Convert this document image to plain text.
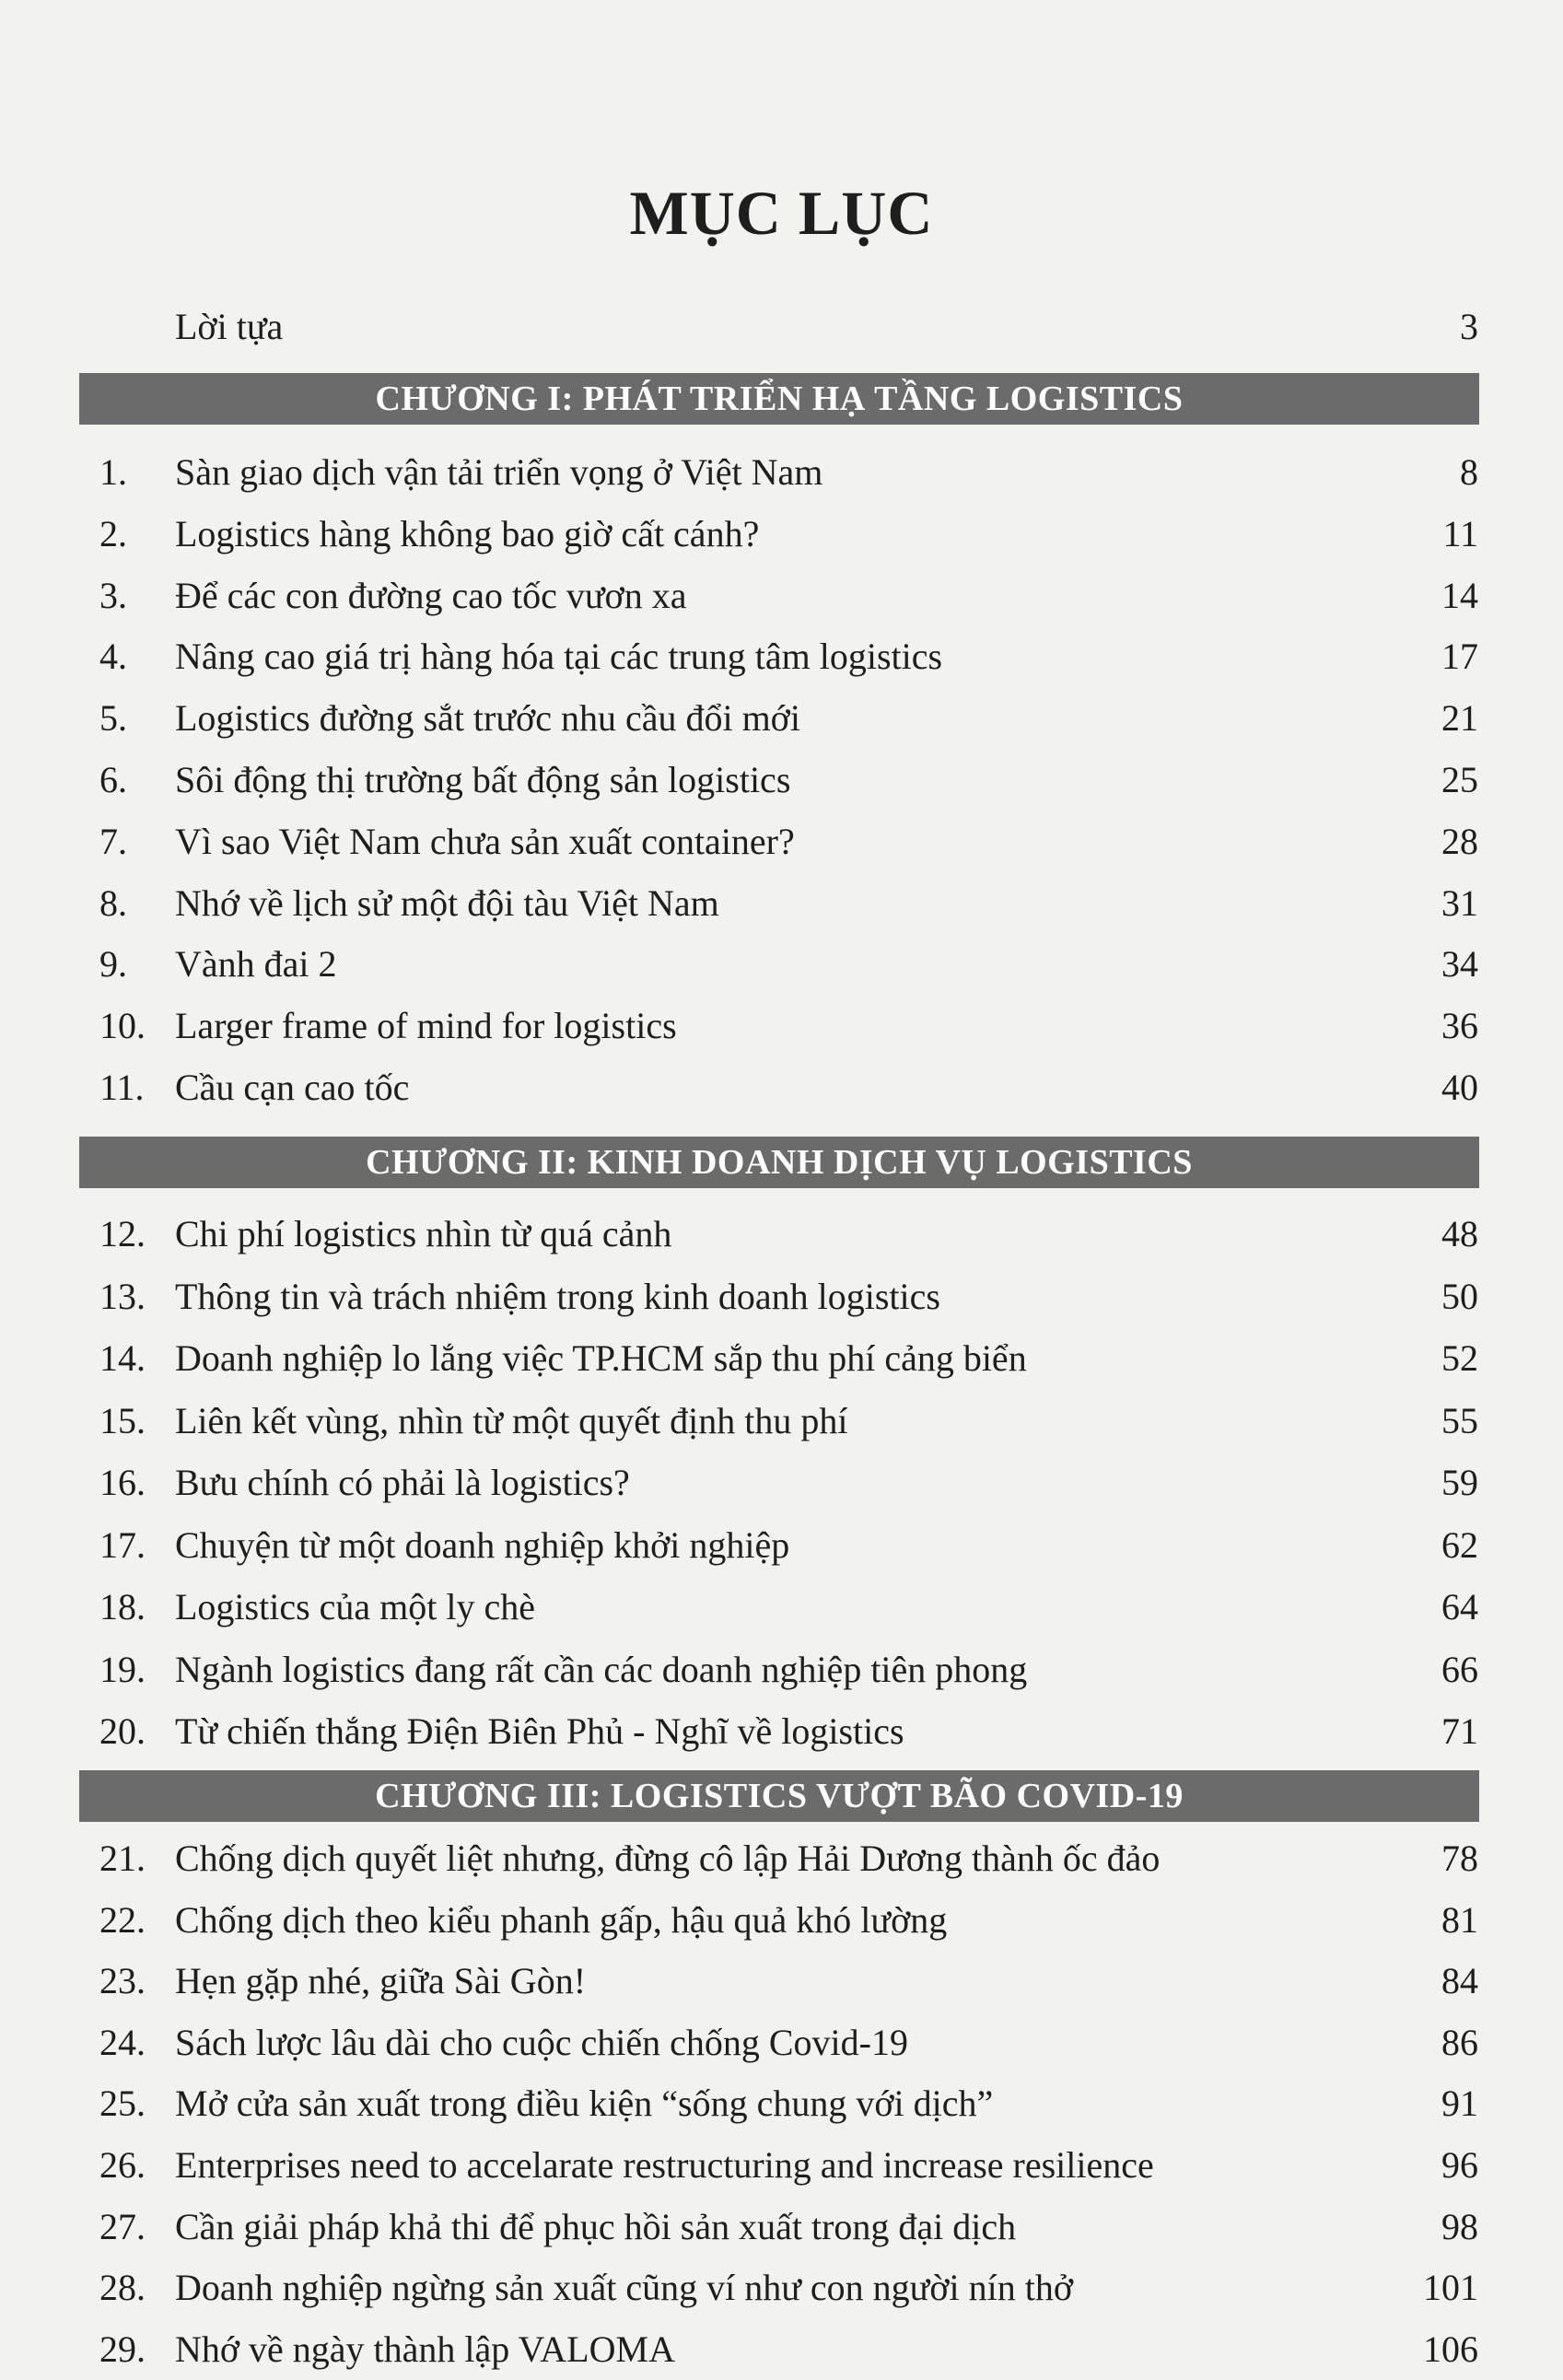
MỤC LỤC
Lời tựa	3
CHƯƠNG I: PHÁT TRIỂN HẠ TẦNG LOGISTICS
1. Sàn giao dịch vận tải triển vọng ở Việt Nam	8
2. Logistics hàng không bao giờ cất cánh?	11
3. Để các con đường cao tốc vươn xa	14
4. Nâng cao giá trị hàng hóa tại các trung tâm logistics	17
5. Logistics đường sắt trước nhu cầu đổi mới	21
6. Sôi động thị trường bất động sản logistics	25
7. Vì sao Việt Nam chưa sản xuất container?	28
8. Nhớ về lịch sử một đội tàu Việt Nam	31
9. Vành đai 2	34
10. Larger frame of mind for logistics	36
11. Cầu cạn cao tốc	40
CHƯƠNG II: KINH DOANH DỊCH VỤ LOGISTICS
12. Chi phí logistics nhìn từ quá cảnh	48
13. Thông tin và trách nhiệm trong kinh doanh logistics	50
14. Doanh nghiệp lo lắng việc TP.HCM sắp thu phí cảng biển	52
15. Liên kết vùng, nhìn từ một quyết định thu phí	55
16. Bưu chính có phải là logistics?	59
17. Chuyện từ một doanh nghiệp khởi nghiệp	62
18. Logistics của một ly chè	64
19. Ngành logistics đang rất cần các doanh nghiệp tiên phong	66
20. Từ chiến thắng Điện Biên Phủ - Nghĩ về logistics	71
CHƯƠNG III: LOGISTICS VƯỢT BÃO COVID-19
21. Chống dịch quyết liệt nhưng, đừng cô lập Hải Dương thành ốc đảo	78
22. Chống dịch theo kiểu phanh gấp, hậu quả khó lường	81
23. Hẹn gặp nhé, giữa Sài Gòn!	84
24. Sách lược lâu dài cho cuộc chiến chống Covid-19	86
25. Mở cửa sản xuất trong điều kiện “sống chung với dịch”	91
26. Enterprises need to accelarate restructuring and increase resilience	96
27. Cần giải pháp khả thi để phục hồi sản xuất trong đại dịch	98
28. Doanh nghiệp ngừng sản xuất cũng ví như con người nín thở	101
29. Nhớ về ngày thành lập VALOMA	106
